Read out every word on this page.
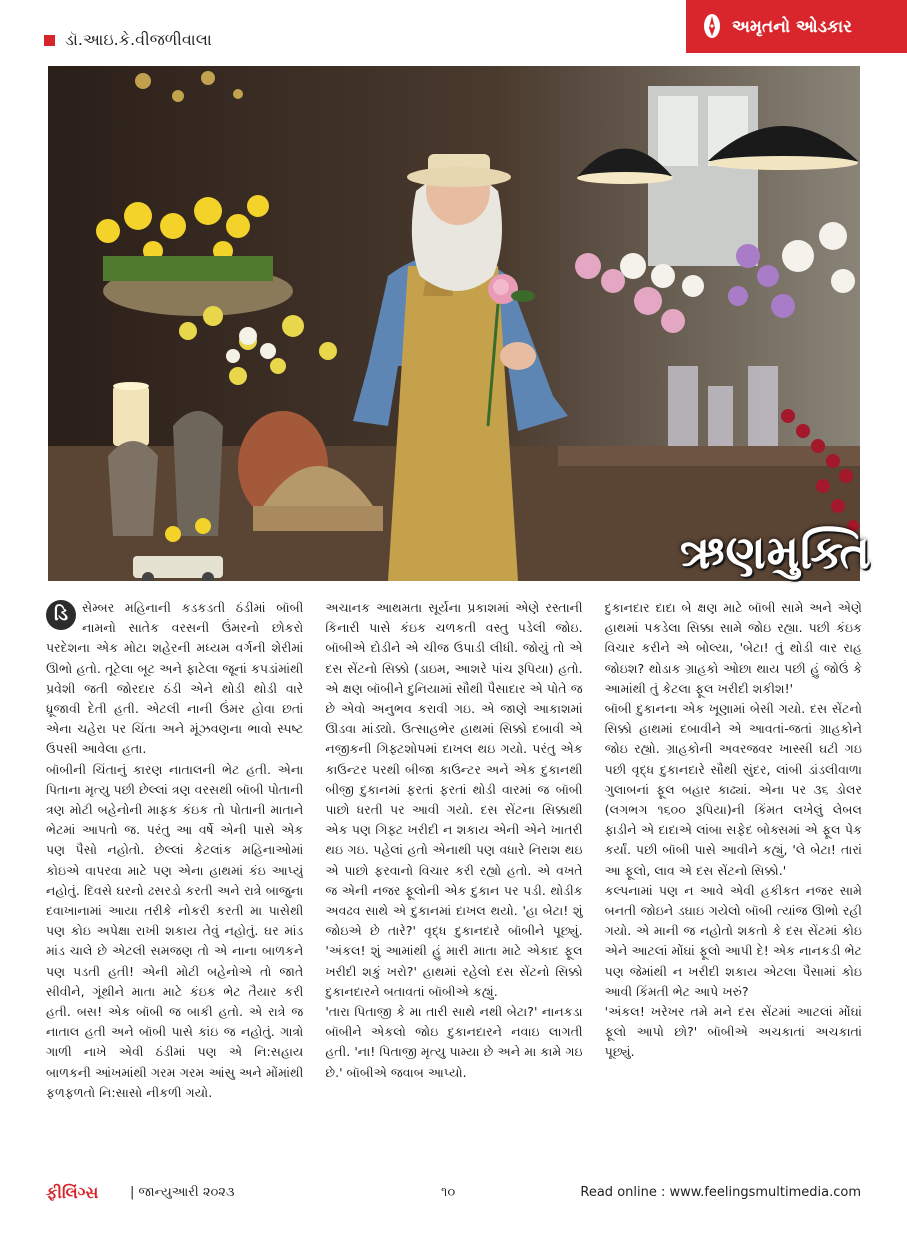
ડૉ.આઇ.કે.વીજળીવાલા
અમૃતનો ઓડકાર
ઋણમુક્તિ
ડિ	સેમ્બર મહિનાની કડકડતી ઠંડીમાં બૉબી નામનો સાતેક વરસની ઉંમરનો છોકરો પરદેશના એક મોટા શહેરની મધ્યમ વર્ગની શેરીમાં ઊભો હતો. તૂટેલા બૂટ અને ફાટેલા જૂનાં કપડાંમાંથી પ્રવેશી જતી જોરદાર ઠંડી એને થોડી થોડી વારે ધ્રૂજાવી દેતી હતી. એટલી નાની ઉંમર હોવા છતાં એના ચહેરા પર ચિંતા અને મૂંઝવણના ભાવો સ્પષ્ટ ઉપસી આવેલા હતા.

બૉબીની ચિંતાનું કારણ નાતાલની ભેટ હતી. એના પિતાના મૃત્યુ પછી છેલ્લાં ત્રણ વરસથી બૉબી પોતાની ત્રણ મોટી બહેનોની માફક કંઇક તો પોતાની માતાને ભેટમાં આપતો જ. પરંતુ આ વર્ષે એની પાસે એક પણ પૈસો નહોતો. છેલ્લાં કેટલાંક મહિનાઓમાં કોઇએ વાપરવા માટે પણ એના હાથમાં કંઇ આપ્યું નહોતું. દિવસે ઘરનો ઢસરડો કરતી અને રાત્રે બાજુના દવાખાનામાં આયા તરીકે નોકરી કરતી મા પાસેથી પણ કોઇ અપેક્ષા રાખી શકાય તેવું નહોતું. ઘર માંડ માંડ ચાલે છે એટલી સમજણ તો એ નાના બાળકને પણ પડતી હતી! એની મોટી બહેનોએ તો જાતે સીવીને, ગૂંથીને માતા માટે કંઇક ભેટ તૈયાર કરી હતી. બસ! એક બૉબી જ બાકી હતો. એ રાત્રે જ નાતાલ હતી અને બૉબી પાસે કાંઇ જ નહોતું. ગાત્રો ગાળી નાખે એવી ઠંડીમાં પણ એ નિ:સહાય બાળકની આંખમાંથી ગરમ ગરમ આંસુ અને મોંમાંથી ફળફળતો નિ:સાસો નીકળી ગયો.

અચાનક આથમતા સૂર્યના પ્રકાશમાં એણે રસ્તાની કિનારી પાસે કંઇક ચળકતી વસ્તુ પડેલી જોઇ. બૉબીએ દોડીને એ ચીજ ઉપાડી લીધી. જોયું તો એ દસ સેંટનો સિક્કો (ડાઇમ, આશરે પાંચ રૂપિયા) હતો. એ ક્ષણ બૉબીને દુનિયામાં સૌથી પૈસાદાર એ પોતે જ છે એવો અનુભવ કરાવી ગઇ. એ જાણે આકાશમાં ઊડવા માંડ્યો. ઉત્સાહભેર હાથમાં સિક્કો દબાવી એ નજીકની ગિફ્ટશોપમાં દાખલ થઇ ગયો. પરંતુ એક કાઉન્ટર પરથી બીજા કાઉન્ટર અને એક દુકાનથી બીજી દુકાનમાં ફરતાં ફરતાં થોડી વારમાં જ બૉબી પાછો ધરતી પર આવી ગયો. દસ સેંટના સિક્કાથી એક પણ ગિફ્ટ ખરીદી ન શકાય એની એને ખાતરી થઇ ગઇ. પહેલાં હતો એનાથી પણ વધારે નિરાશ થઇ એ પાછો ફરવાનો વિચાર કરી રહ્યો હતો. એ વખતે જ એની નજર ફૂલોની એક દુકાન પર પડી. થોડીક અવઢવ સાથે એ દુકાનમાં દાખલ થયો. 'હા બેટા! શું જોઇએ છે તારે?' વૃદ્ધ દુકાનદારે બૉબીને પૂછ્યું. 'અંકલ! શું આમાંથી હું મારી માતા માટે એકાદ ફૂલ ખરીદી શકું ખરો?' હાથમાં રહેલો દસ સેંટનો સિક્કો દુકાનદારને બતાવતાં બૉબીએ કહ્યું.

'તારા પિતાજી કે મા તારી સાથે નથી બેટા?' નાનકડા બૉબીને એકલો જોઇ દુકાનદારને નવાઇ લાગતી હતી. 'ના! પિતાજી મૃત્યુ પામ્યા છે અને મા કામે ગઇ છે.' બૉબીએ જવાબ આપ્યો.

દુકાનદાર દાદા બે ક્ષણ માટે બૉબી સામે અને એણે હાથમાં પકડેલા સિક્કા સામે જોઇ રહ્યા. પછી કંઇક વિચાર કરીને એ બોલ્યા, 'બેટા! તું થોડી વાર રાહ જોઇશ? થોડાક ગ્રાહકો ઓછા થાય પછી હું જોઉં કે આમાંથી તું કેટલા ફૂલ ખરીદી શકીશ!'

બૉબી દુકાનના એક ખૂણામાં બેસી ગયો. દસ સેંટનો સિક્કો હાથમાં દબાવીને એ આવતાં-જતાં ગ્રાહકોને જોઇ રહ્યો. ગ્રાહકોની અવરજવર ખાસ્સી ઘટી ગઇ પછી વૃદ્ધ દુકાનદારે સૌથી સુંદર, લાંબી ડાંડલીવાળા ગુલાબનાં ફૂલ બહાર કાઢ્યાં. એના પર ૩૬ ડોલર (લગભગ ૧૬૦૦ રૂપિયા)ની કિંમત લખેલું લેબલ ફાડીને એ દાદાએ લાંબા સફેદ બોક્સમાં એ ફૂલ પેક કર્યાં. પછી બૉબી પાસે આવીને કહ્યું, 'લે બેટા! તારાં આ ફૂલો, લાવ એ દસ સેંટનો સિક્કો.'

કલ્પનામાં પણ ન આવે એવી હકીકત નજર સામે બનતી જોઇને ડઘાઇ ગયેલો બૉબી ત્યાંજ ઊભો રહી ગયો. એ માની જ નહોતો શકતો કે દસ સેંટમાં કોઇ એને આટલાં મોંઘાં ફૂલો આપી દે! એક નાનકડી ભેટ પણ જેમાંથી ન ખરીદી શકાય એટલા પૈસામાં કોઇ આવી કિંમતી ભેટ આપે ખરું?

'અંકલ! ખરેખર તમે મને દસ સેંટમાં આટલાં મોંઘાં ફૂલો આપો છો?' બૉબીએ અચકાતાં અચકાતાં પૂછ્યું.

ફીલિંગ્સ | જાન્યુઆરી ૨૦૨૩	૧૦	Read online : www.feelingsmultimedia.com
